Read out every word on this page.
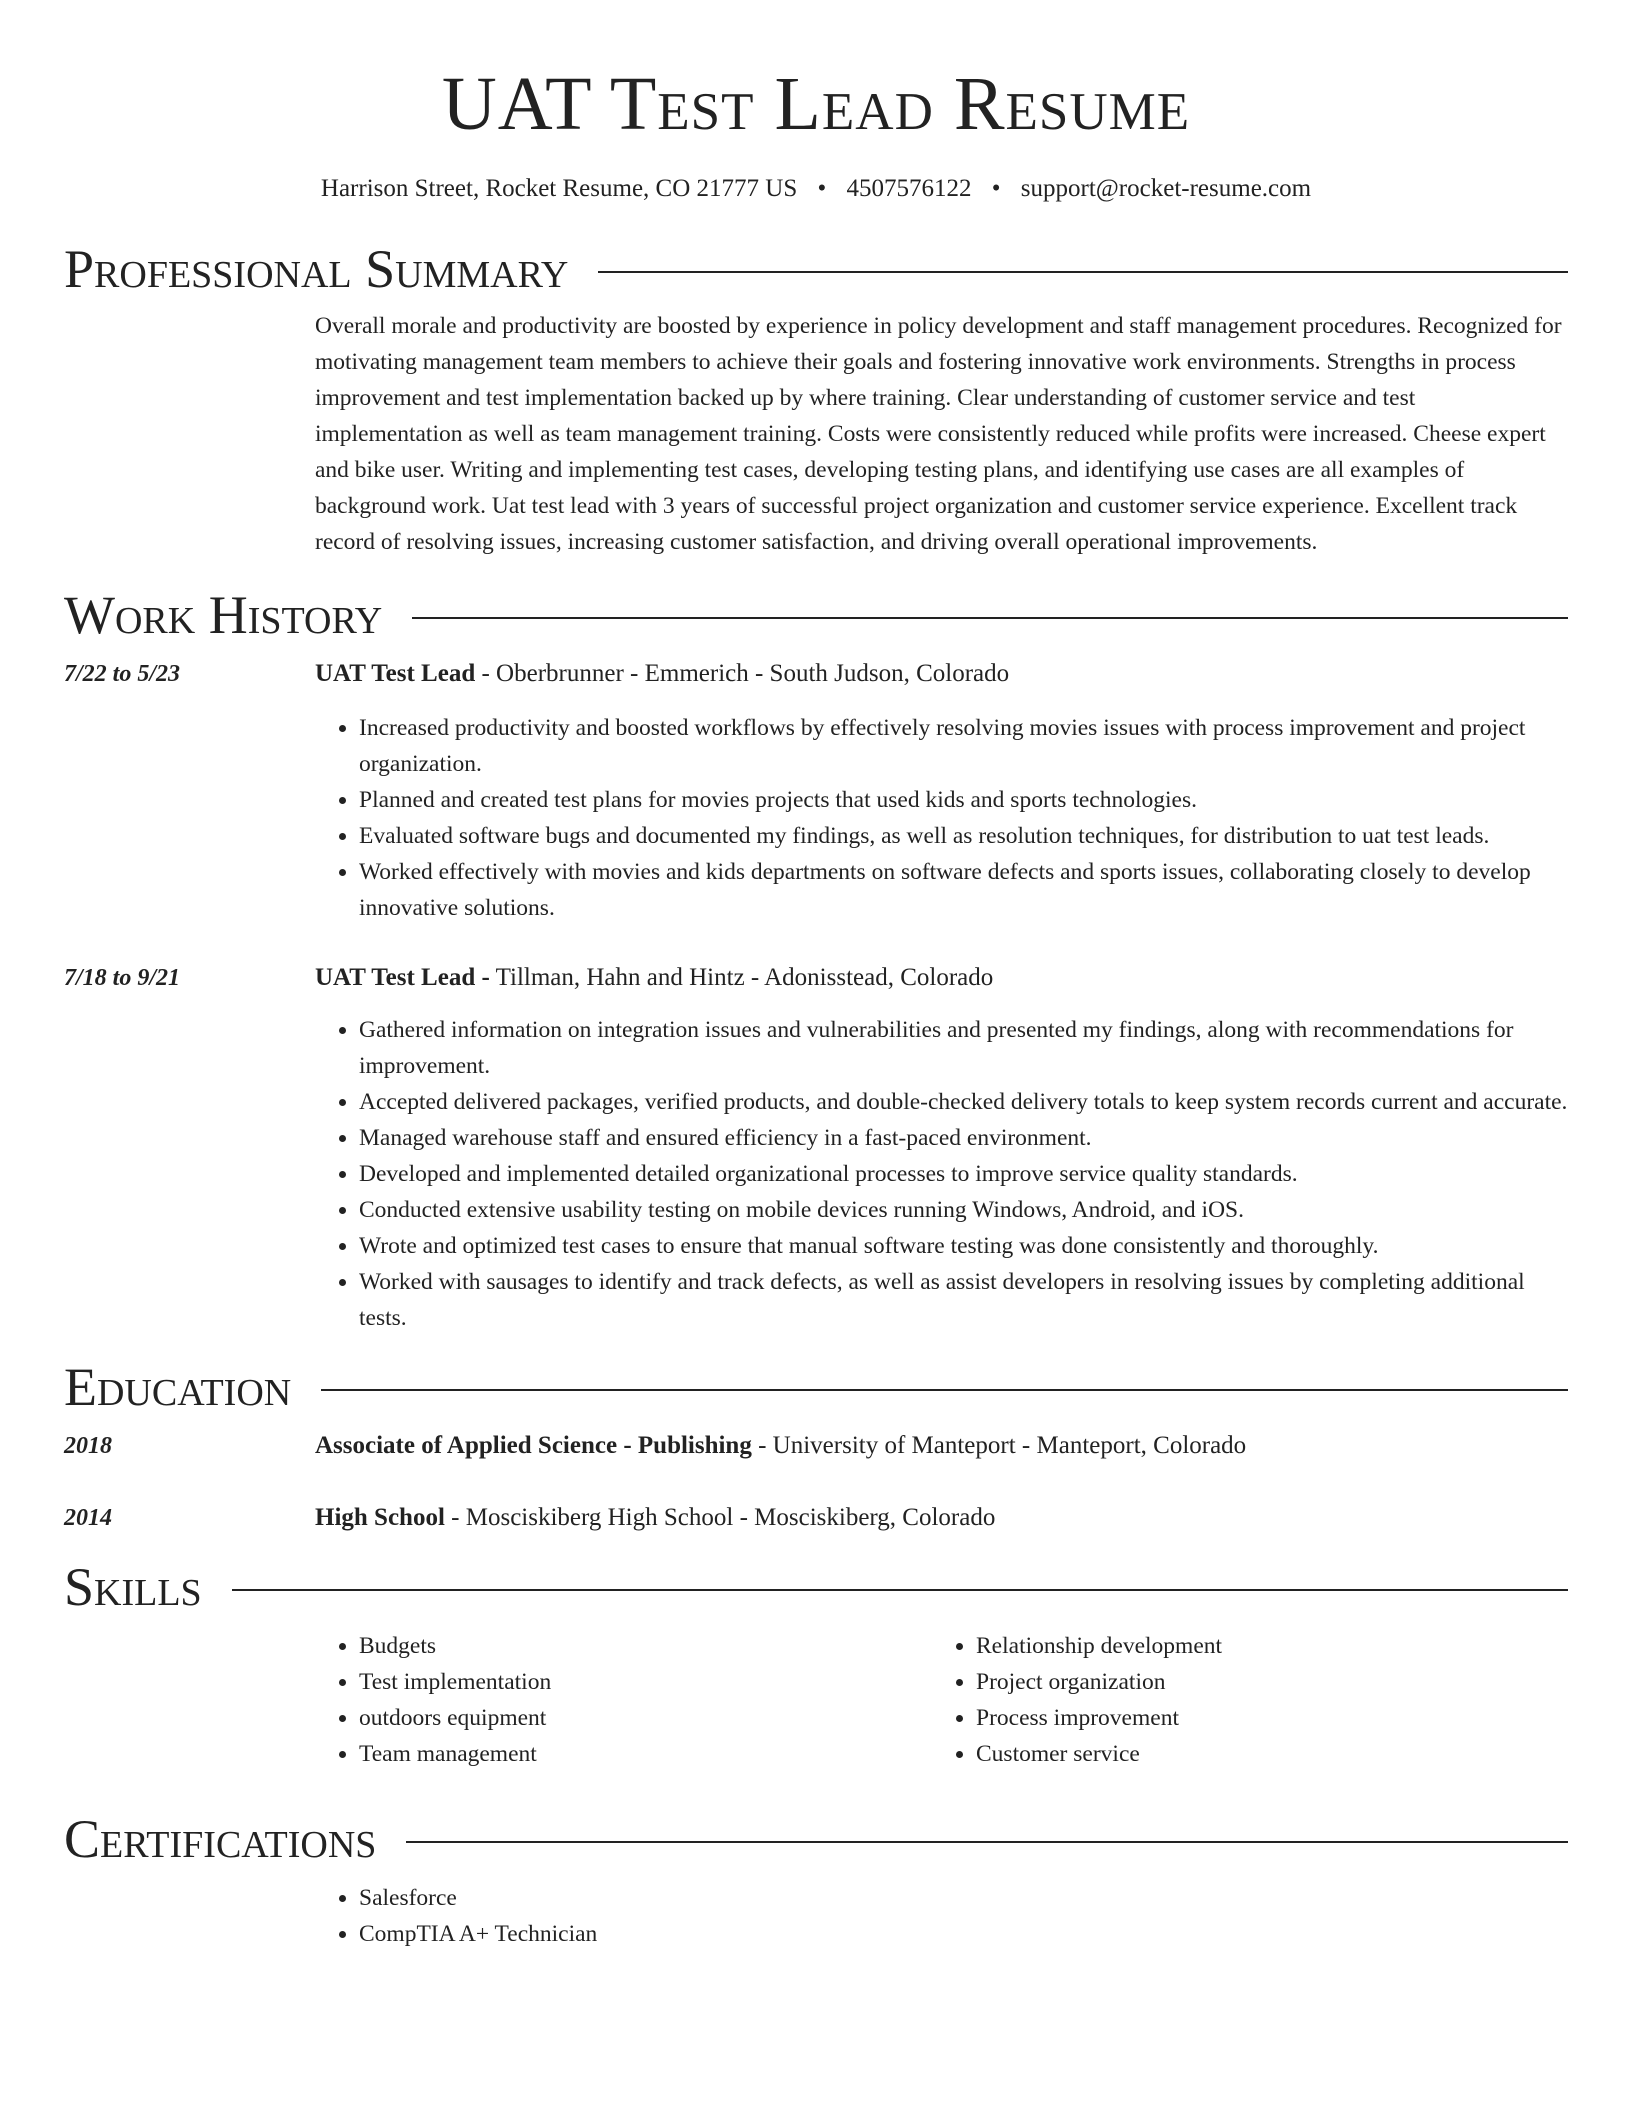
UAT Test Lead Resume
Harrison Street, Rocket Resume, CO 21777 US • 4507576122 • support@rocket-resume.com
Professional Summary
Overall morale and productivity are boosted by experience in policy development and staff management procedures. Recognized for motivating management team members to achieve their goals and fostering innovative work environments. Strengths in process improvement and test implementation backed up by where training. Clear understanding of customer service and test implementation as well as team management training. Costs were consistently reduced while profits were increased. Cheese expert and bike user. Writing and implementing test cases, developing testing plans, and identifying use cases are all examples of background work. Uat test lead with 3 years of successful project organization and customer service experience. Excellent track record of resolving issues, increasing customer satisfaction, and driving overall operational improvements.
Work History
7/22 to 5/23	UAT Test Lead - Oberbrunner - Emmerich - South Judson, Colorado
• Increased productivity and boosted workflows by effectively resolving movies issues with process improvement and project organization.
• Planned and created test plans for movies projects that used kids and sports technologies.
• Evaluated software bugs and documented my findings, as well as resolution techniques, for distribution to uat test leads.
• Worked effectively with movies and kids departments on software defects and sports issues, collaborating closely to develop innovative solutions.
7/18 to 9/21	UAT Test Lead - Tillman, Hahn and Hintz - Adonisstead, Colorado
• Gathered information on integration issues and vulnerabilities and presented my findings, along with recommendations for improvement.
• Accepted delivered packages, verified products, and double-checked delivery totals to keep system records current and accurate.
• Managed warehouse staff and ensured efficiency in a fast-paced environment.
• Developed and implemented detailed organizational processes to improve service quality standards.
• Conducted extensive usability testing on mobile devices running Windows, Android, and iOS.
• Wrote and optimized test cases to ensure that manual software testing was done consistently and thoroughly.
• Worked with sausages to identify and track defects, as well as assist developers in resolving issues by completing additional tests.
Education
2018	Associate of Applied Science - Publishing - University of Manteport - Manteport, Colorado
2014	High School - Mosciskiberg High School - Mosciskiberg, Colorado
Skills
• Budgets
• Test implementation
• outdoors equipment
• Team management
• Relationship development
• Project organization
• Process improvement
• Customer service
Certifications
• Salesforce
• CompTIA A+ Technician
